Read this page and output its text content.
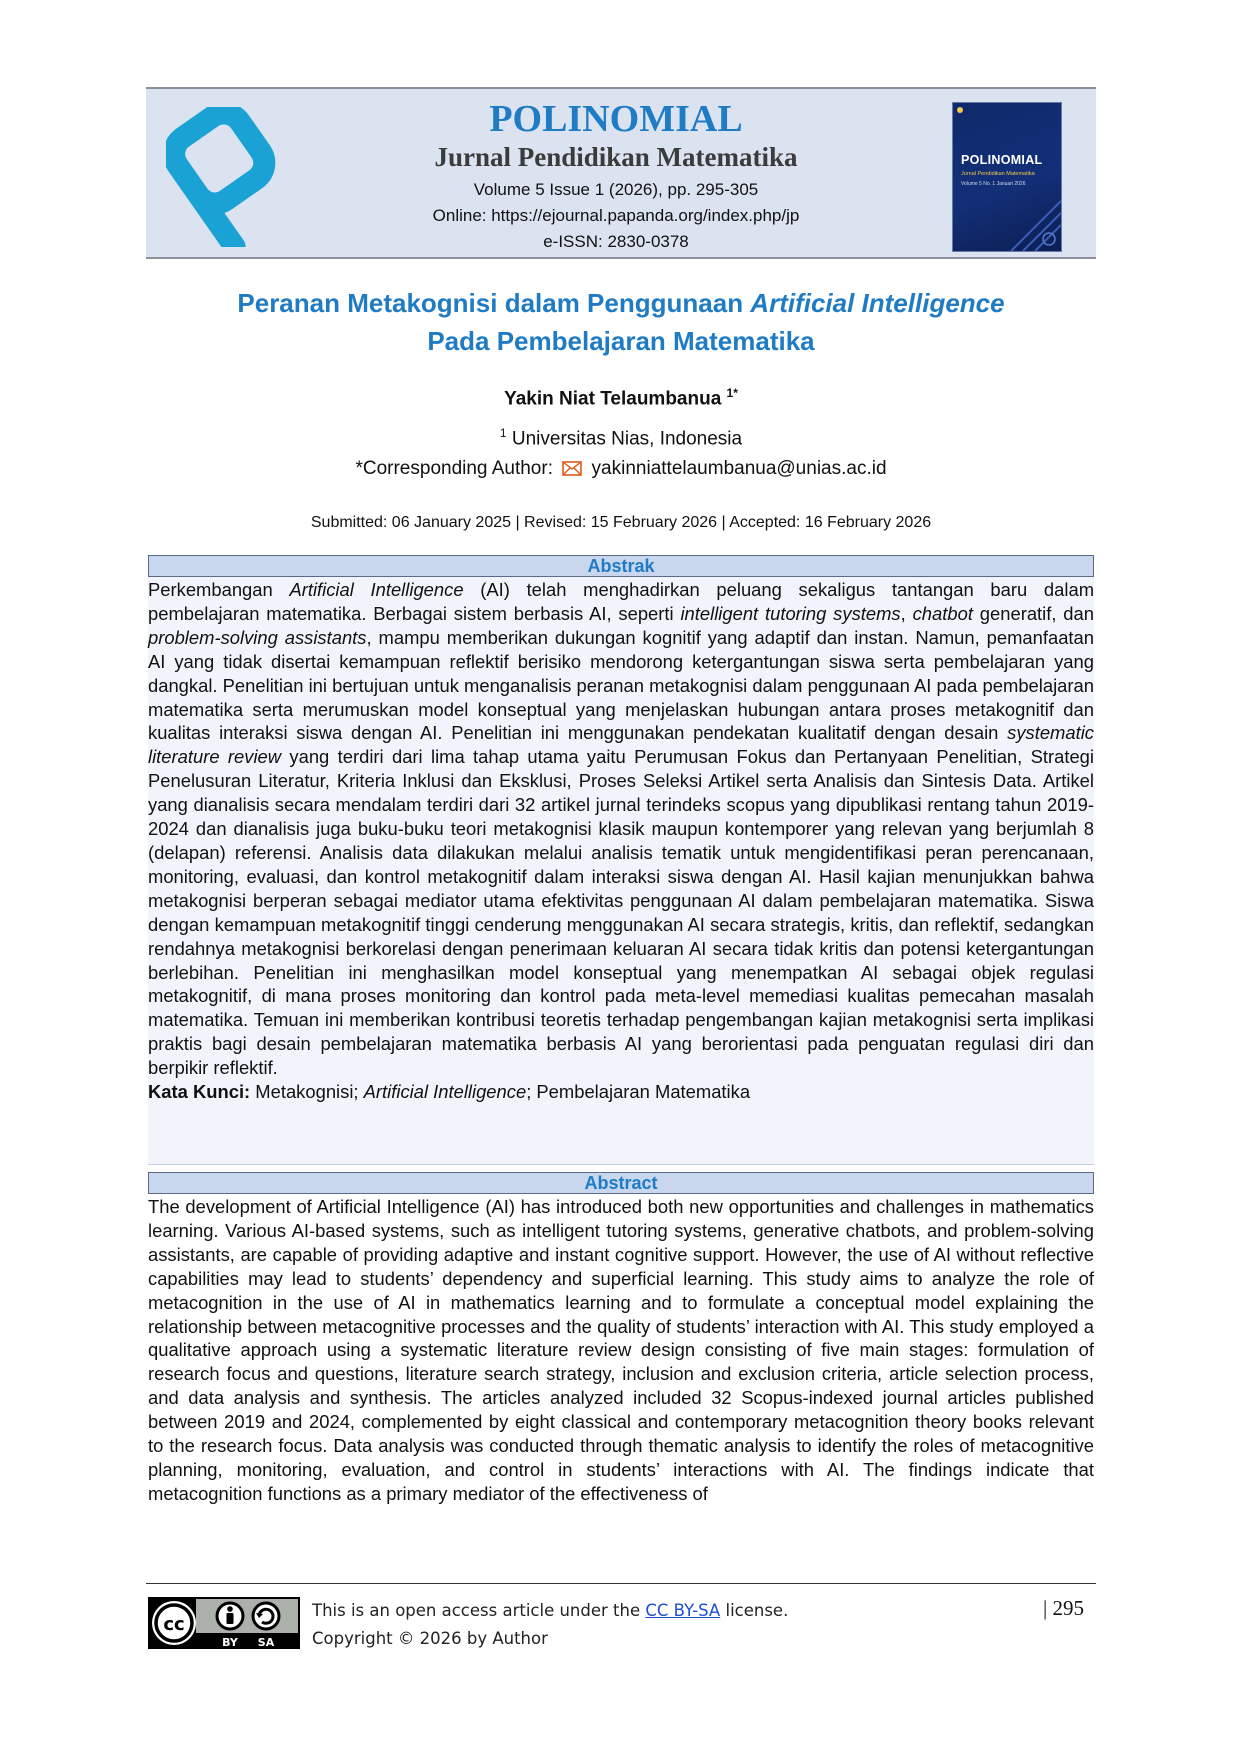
POLINOMIAL
Jurnal Pendidikan Matematika
Volume 5 Issue 1 (2026), pp. 295-305
Online: https://ejournal.papanda.org/index.php/jp
e-ISSN: 2830-0378
POLINOMIAL
Jurnal Pendidikan Matematika
Volume 5 No. 1 Januari 2026
Peranan Metakognisi dalam Penggunaan Artificial Intelligence
Pada Pembelajaran Matematika
Yakin Niat Telaumbanua $^{1*}$
$^1$ Universitas Nias, Indonesia
*Corresponding Author: yakinniattelaumbanua@unias.ac.id
Submitted: 06 January 2025 | Revised: 15 February 2026 | Accepted: 16 February 2026
Abstrak

Perkembangan Artificial Intelligence (AI) telah menghadirkan peluang sekaligus tantangan baru dalam pembelajaran matematika. Berbagai sistem berbasis AI, seperti intelligent tutoring systems, chatbot generatif, dan problem-solving assistants, mampu memberikan dukungan kognitif yang adaptif dan instan. Namun, pemanfaatan AI yang tidak disertai kemampuan reflektif berisiko mendorong ketergantungan siswa serta pembelajaran yang dangkal. Penelitian ini bertujuan untuk menganalisis peranan metakognisi dalam penggunaan AI pada pembelajaran matematika serta merumuskan model konseptual yang menjelaskan hubungan antara proses metakognitif dan kualitas interaksi siswa dengan AI. Penelitian ini menggunakan pendekatan kualitatif dengan desain systematic literature review yang terdiri dari lima tahap utama yaitu Perumusan Fokus dan Pertanyaan Penelitian, Strategi Penelusuran Literatur, Kriteria Inklusi dan Eksklusi, Proses Seleksi Artikel serta Analisis dan Sintesis Data. Artikel yang dianalisis secara mendalam terdiri dari 32 artikel jurnal terindeks scopus yang dipublikasi rentang tahun 2019-2024 dan dianalisis juga buku-buku teori metakognisi klasik maupun kontemporer yang relevan yang berjumlah 8 (delapan) referensi. Analisis data dilakukan melalui analisis tematik untuk mengidentifikasi peran perencanaan, monitoring, evaluasi, dan kontrol metakognitif dalam interaksi siswa dengan AI. Hasil kajian menunjukkan bahwa metakognisi berperan sebagai mediator utama efektivitas penggunaan AI dalam pembelajaran matematika. Siswa dengan kemampuan metakognitif tinggi cenderung menggunakan AI secara strategis, kritis, dan reflektif, sedangkan rendahnya metakognisi berkorelasi dengan penerimaan keluaran AI secara tidak kritis dan potensi ketergantungan berlebihan. Penelitian ini menghasilkan model konseptual yang menempatkan AI sebagai objek regulasi metakognitif, di mana proses monitoring dan kontrol pada meta-level memediasi kualitas pemecahan masalah matematika. Temuan ini memberikan kontribusi teoretis terhadap pengembangan kajian metakognisi serta implikasi praktis bagi desain pembelajaran matematika berbasis AI yang berorientasi pada penguatan regulasi diri dan berpikir reflektif.

Kata Kunci: Metakognisi; Artificial Intelligence; Pembelajaran Matematika
Abstract

The development of Artificial Intelligence (AI) has introduced both new opportunities and challenges in mathematics learning. Various AI-based systems, such as intelligent tutoring systems, generative chatbots, and problem-solving assistants, are capable of providing adaptive and instant cognitive support. However, the use of AI without reflective capabilities may lead to students’ dependency and superficial learning. This study aims to analyze the role of metacognition in the use of AI in mathematics learning and to formulate a conceptual model explaining the relationship between metacognitive processes and the quality of students’ interaction with AI. This study employed a qualitative approach using a systematic literature review design consisting of five main stages: formulation of research focus and questions, literature search strategy, inclusion and exclusion criteria, article selection process, and data analysis and synthesis. The articles analyzed included 32 Scopus-indexed journal articles published between 2019 and 2024, complemented by eight classical and contemporary metacognition theory books relevant to the research focus. Data analysis was conducted through thematic analysis to identify the roles of metacognitive planning, monitoring, evaluation, and control in students’ interactions with AI. The findings indicate that metacognition functions as a primary mediator of the effectiveness of

cc
BY SA
This is an open access article under the CC BY-SA license.
Copyright © 2026 by Author
| 295
